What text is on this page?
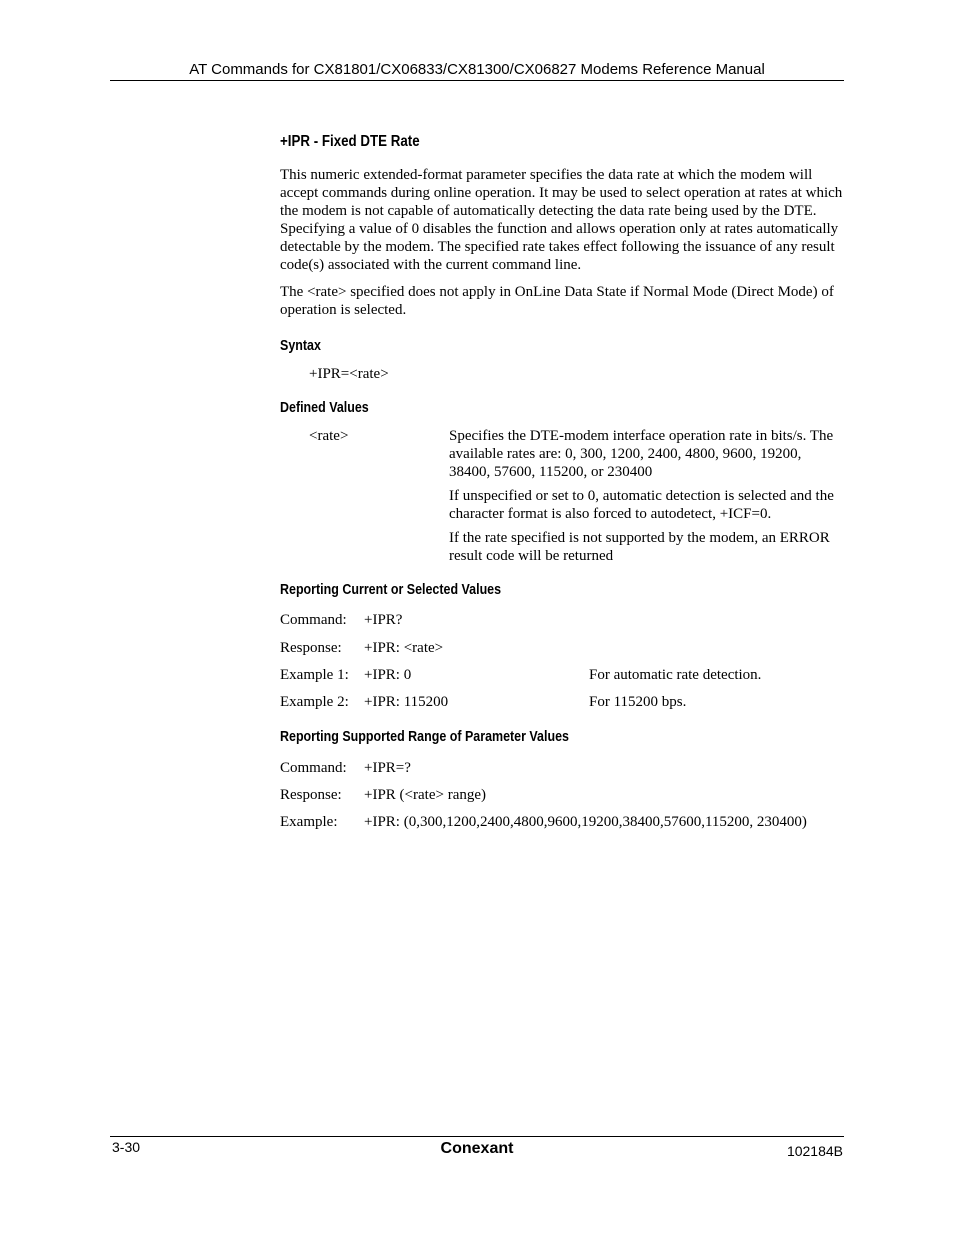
AT Commands for CX81801/CX06833/CX81300/CX06827 Modems Reference Manual
+IPR - Fixed DTE Rate
This numeric extended-format parameter specifies the data rate at which the modem will accept commands during online operation. It may be used to select operation at rates at which the modem is not capable of automatically detecting the data rate being used by the DTE. Specifying a value of 0 disables the function and allows operation only at rates automatically detectable by the modem. The specified rate takes effect following the issuance of any result code(s) associated with the current command line.
The <rate> specified does not apply in OnLine Data State if Normal Mode (Direct Mode) of operation is selected.
Syntax
+IPR=<rate>
Defined Values
<rate>	Specifies the DTE-modem interface operation rate in bits/s. The available rates are: 0, 300, 1200, 2400, 4800, 9600, 19200, 38400, 57600, 115200, or 230400
If unspecified or set to 0, automatic detection is selected and the character format is also forced to autodetect, +ICF=0.
If the rate specified is not supported by the modem, an ERROR result code will be returned
Reporting Current or Selected Values
Command: +IPR?
Response: +IPR: <rate>
Example 1: +IPR: 0	For automatic rate detection.
Example 2: +IPR: 115200	For 115200 bps.
Reporting Supported Range of Parameter Values
Command: +IPR=?
Response: +IPR (<rate> range)
Example: +IPR: (0,300,1200,2400,4800,9600,19200,38400,57600,115200, 230400)
3-30	Conexant	102184B
